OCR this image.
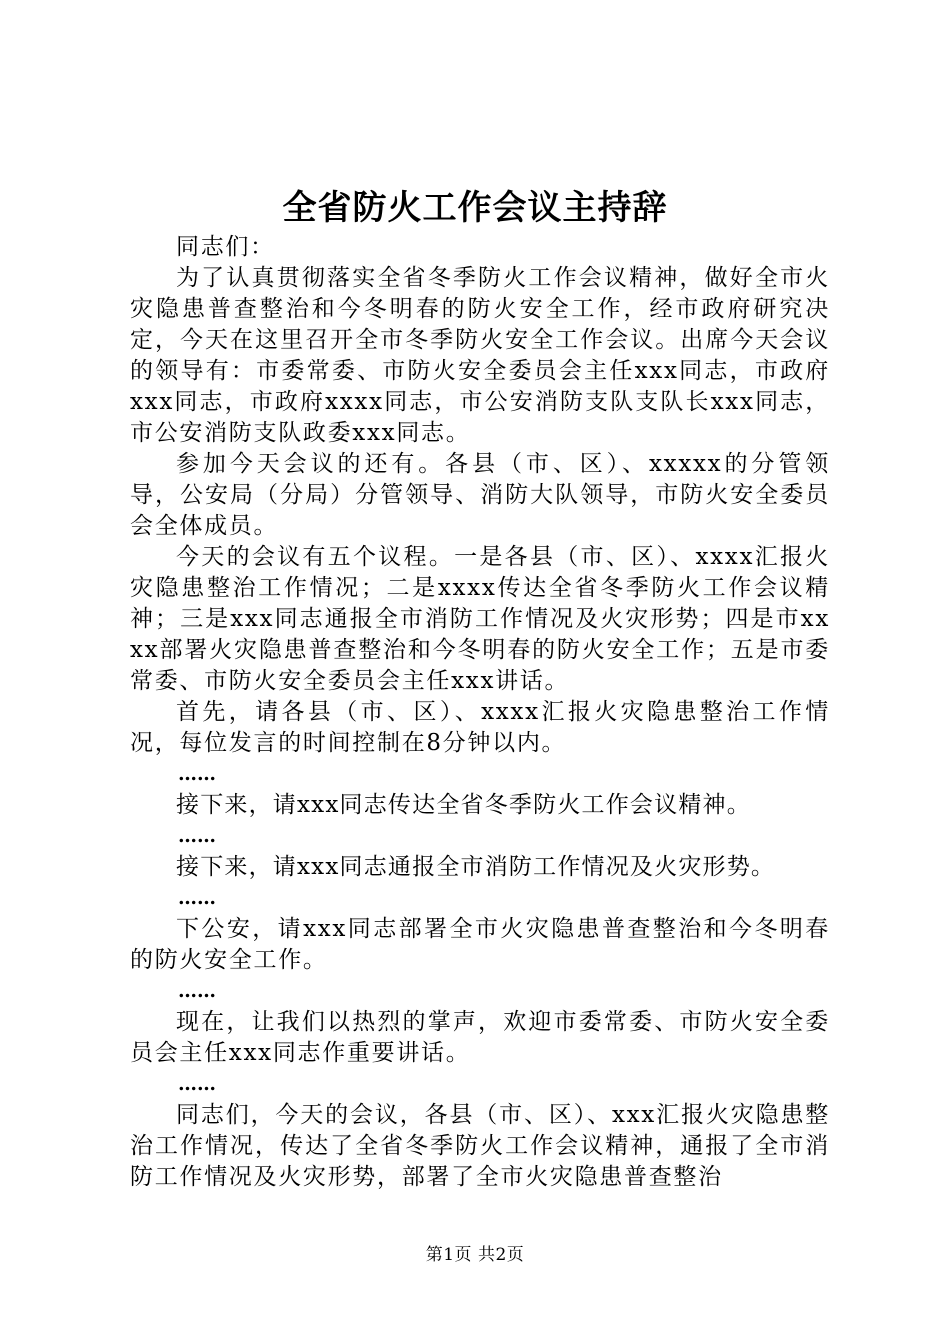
全省防火工作会议主持辞

同志们：

为了认真贯彻落实全省冬季防火工作会议精神，做好全市火灾隐患普查整治和今冬明春的防火安全工作，经市政府研究决定，今天在这里召开全市冬季防火安全工作会议。出席今天会议的领导有：市委常委、市防火安全委员会主任xxx同志，市政府xxx同志，市政府xxxx同志，市公安消防支队支队长xxx同志，市公安消防支队政委xxx同志。

参加今天会议的还有。各县（市、区）、xxxxx的分管领导，公安局（分局）分管领导、消防大队领导，市防火安全委员会全体成员。

今天的会议有五个议程。一是各县（市、区）、xxxx汇报火灾隐患整治工作情况；二是xxxx传达全省冬季防火工作会议精神；三是xxx同志通报全市消防工作情况及火灾形势；四是市xxxx部署火灾隐患普查整治和今冬明春的防火安全工作；五是市委常委、市防火安全委员会主任xxx讲话。

首先，请各县（市、区）、xxxx汇报火灾隐患整治工作情况，每位发言的时间控制在8分钟以内。

……

接下来，请xxx同志传达全省冬季防火工作会议精神。

……

接下来，请xxx同志通报全市消防工作情况及火灾形势。

……

下公安，请xxx同志部署全市火灾隐患普查整治和今冬明春的防火安全工作。

……

现在，让我们以热烈的掌声，欢迎市委常委、市防火安全委员会主任xxx同志作重要讲话。

……

同志们，今天的会议，各县（市、区）、xxx汇报火灾隐患整治工作情况，传达了全省冬季防火工作会议精神，通报了全市消防工作情况及火灾形势，部署了全市火灾隐患普查整治

第1页 共2页
